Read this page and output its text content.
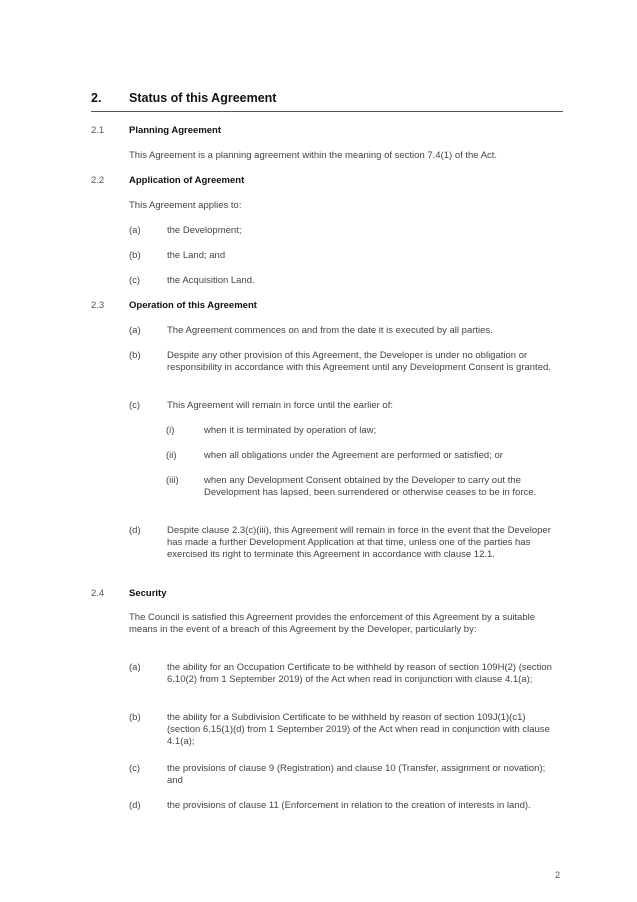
2. Status of this Agreement
2.1	Planning Agreement
This Agreement is a planning agreement within the meaning of section 7.4(1) of the Act.
2.2	Application of Agreement
This Agreement applies to:
(a)	the Development;
(b)	the Land; and
(c)	the Acquisition Land.
2.3	Operation of this Agreement
(a)	The Agreement commences on and from the date it is executed by all parties.
(b)	Despite any other provision of this Agreement, the Developer is under no obligation or responsibility in accordance with this Agreement until any Development Consent is granted.
(c)	This Agreement will remain in force until the earlier of:
(i)	when it is terminated by operation of law;
(ii)	when all obligations under the Agreement are performed or satisfied; or
(iii)	when any Development Consent obtained by the Developer to carry out the Development has lapsed, been surrendered or otherwise ceases to be in force.
(d)	Despite clause 2.3(c)(iii), this Agreement will remain in force in the event that the Developer has made a further Development Application at that time, unless one of the parties has exercised its right to terminate this Agreement in accordance with clause 12.1.
2.4	Security
The Council is satisfied this Agreement provides the enforcement of this Agreement by a suitable means in the event of a breach of this Agreement by the Developer, particularly by:
(a)	the ability for an Occupation Certificate to be withheld by reason of section 109H(2) (section 6.10(2) from 1 September 2019) of the Act when read in conjunction with clause 4.1(a);
(b)	the ability for a Subdivision Certificate to be withheld by reason of section 109J(1)(c1) (section 6.15(1)(d) from 1 September 2019) of the Act when read in conjunction with clause 4.1(a);
(c)	the provisions of clause 9 (Registration) and clause 10 (Transfer, assignment or novation); and
(d)	the provisions of clause 11 (Enforcement in relation to the creation of interests in land).
2
